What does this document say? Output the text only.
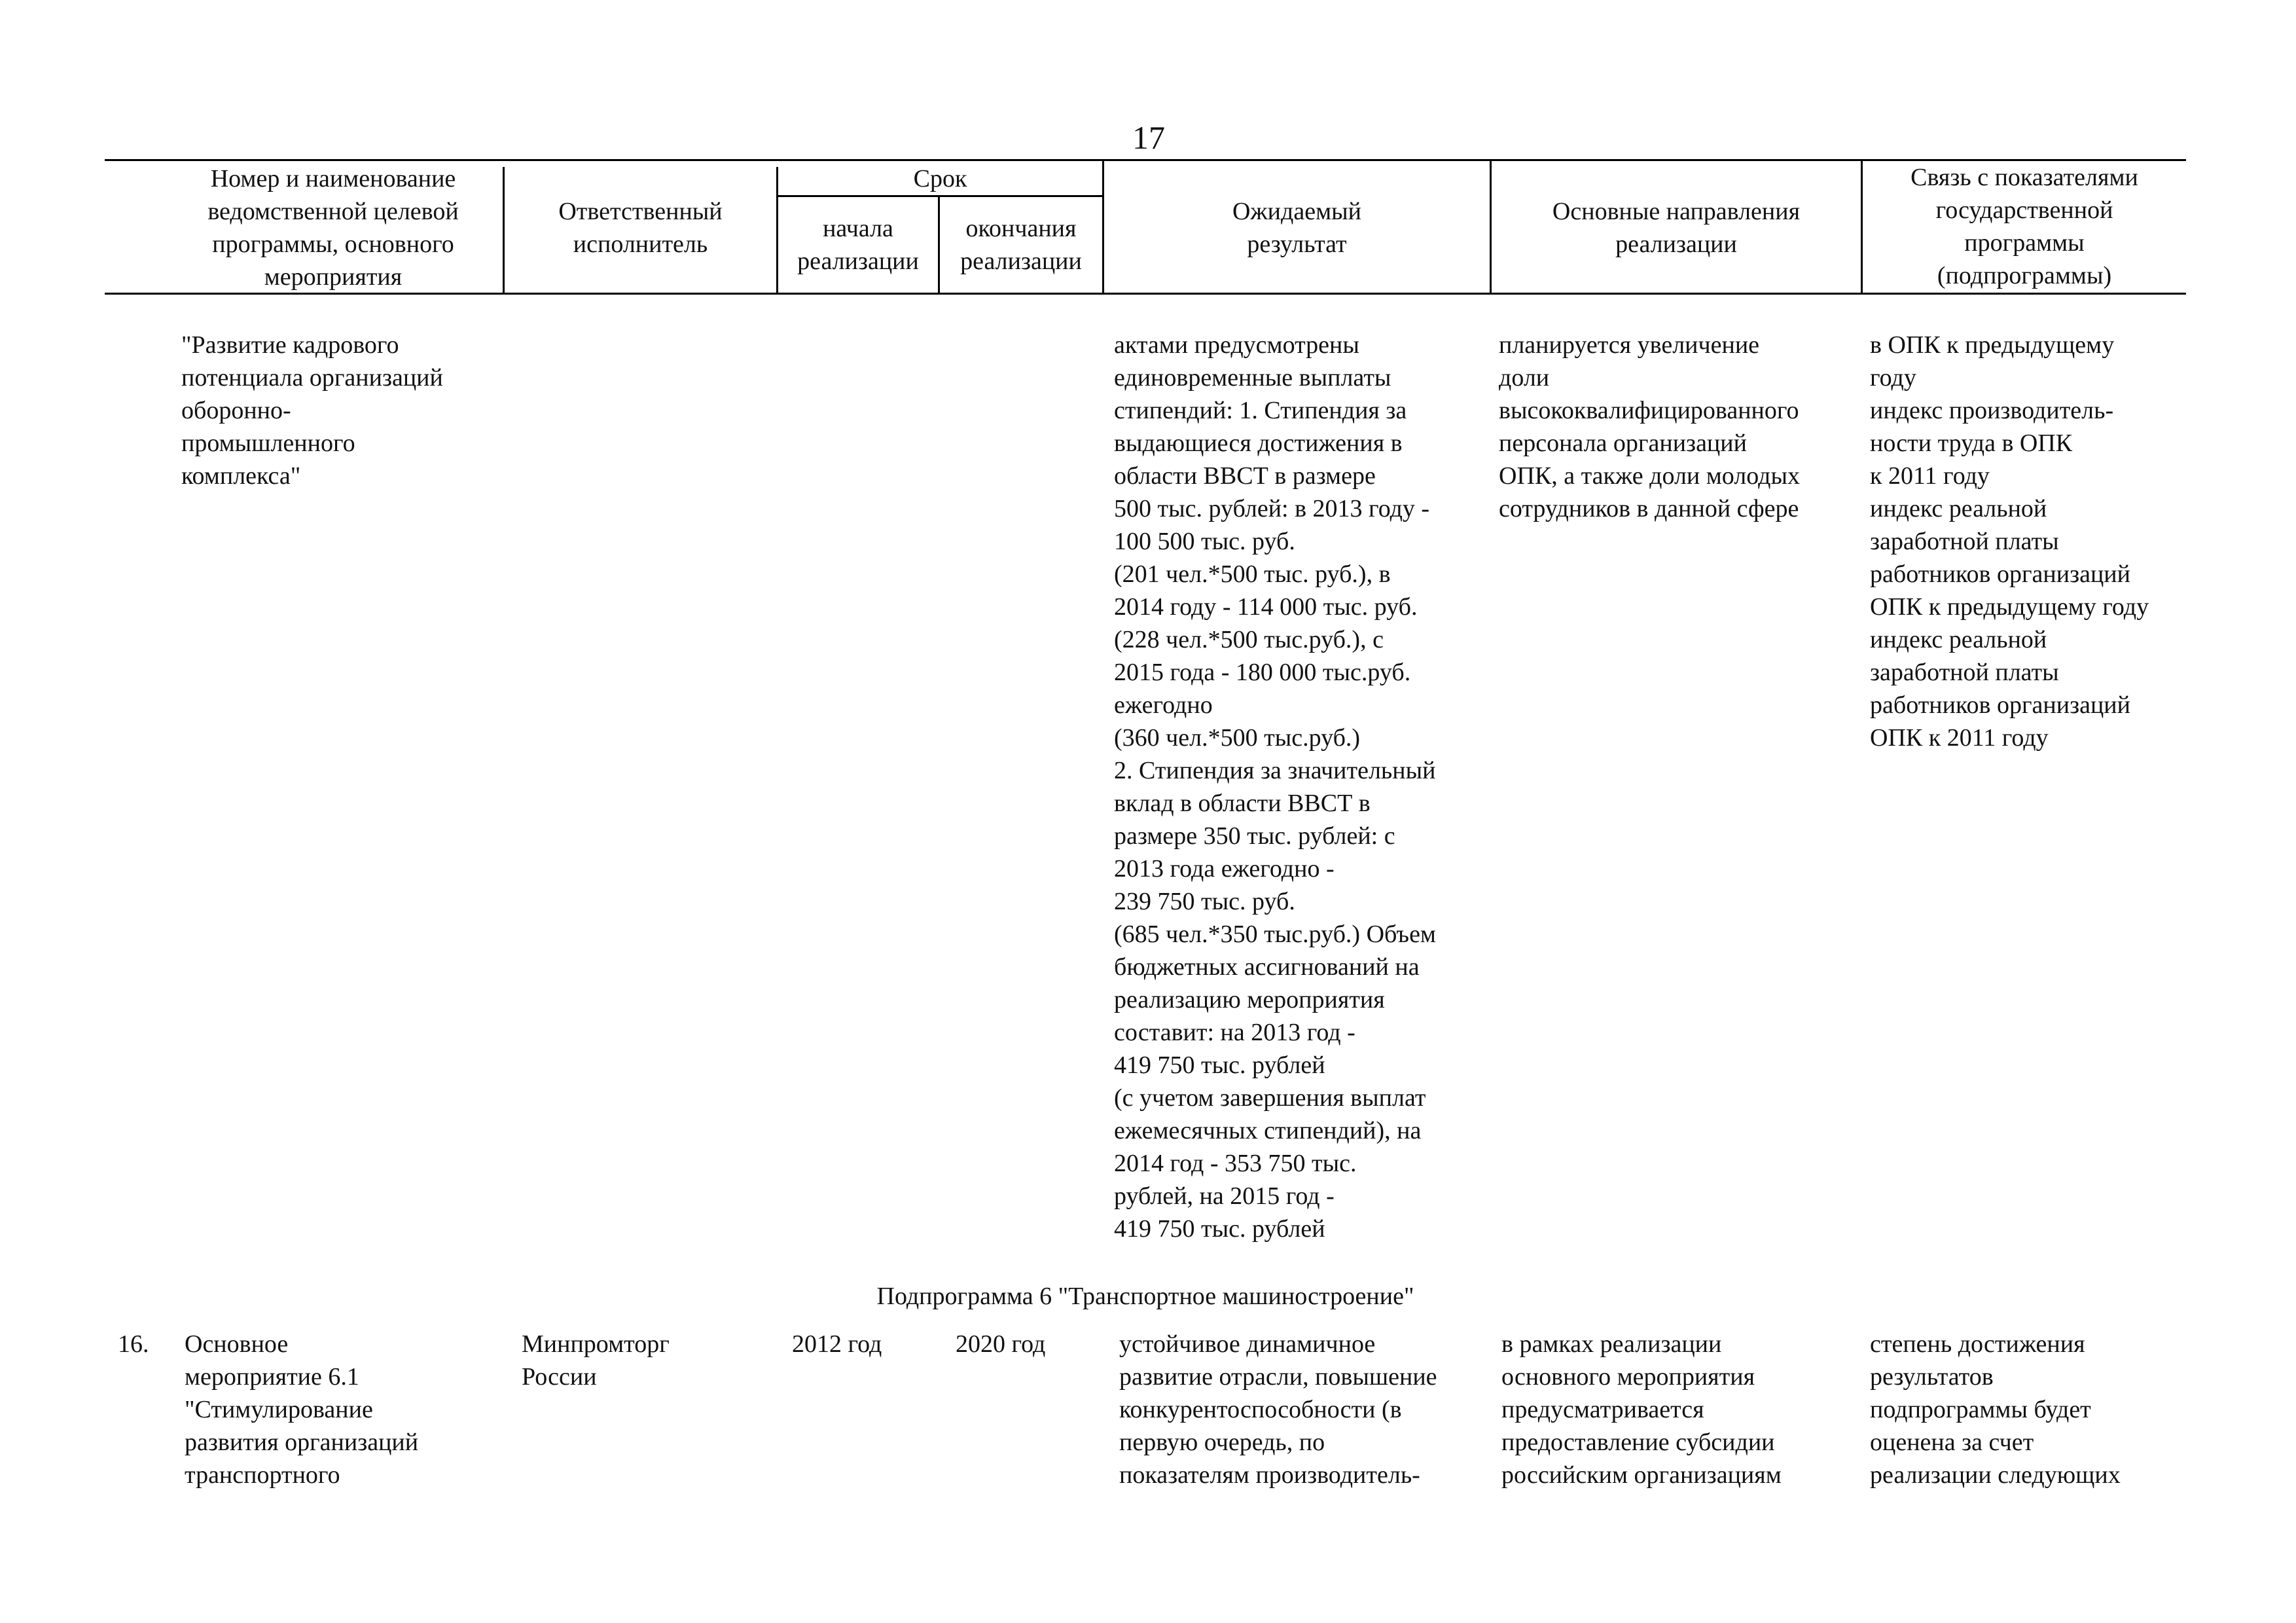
17
Номер и наименование
ведомственной целевой
программы, основного
мероприятия
Ответственный
исполнитель
Срок
начала
реализации
окончания
реализации
Ожидаемый
результат
Основные направления
реализации
Связь с показателями
государственной
программы
(подпрограммы)
"Развитие кадрового
потенциала организаций
оборонно-
промышленного
комплекса"
актами предусмотрены
единовременные выплаты
стипендий: 1. Стипендия за
выдающиеся достижения в
области ВВСТ в размере
500 тыс. рублей: в 2013 году -
100 500 тыс. руб.
(201 чел.*500 тыс. руб.), в
2014 году - 114 000 тыс. руб.
(228 чел.*500 тыс.руб.), с
2015 года - 180 000 тыс.руб.
ежегодно
(360 чел.*500 тыс.руб.)
2. Стипендия за значительный
вклад в области ВВСТ в
размере 350 тыс. рублей: с
2013 года ежегодно -
239 750 тыс. руб.
(685 чел.*350 тыс.руб.) Объем
бюджетных ассигнований на
реализацию мероприятия
составит: на 2013 год -
419 750 тыс. рублей
(с учетом завершения выплат
ежемесячных стипендий), на
2014 год - 353 750 тыс.
рублей, на 2015 год -
419 750 тыс. рублей
планируется увеличение
доли
высококвалифицированного
персонала организаций
ОПК, а также доли молодых
сотрудников в данной сфере
в ОПК к предыдущему
году
индекс производитель-
ности труда в ОПК
к 2011 году
индекс реальной
заработной платы
работников организаций
ОПК к предыдущему году
индекс реальной
заработной платы
работников организаций
ОПК к 2011 году
Подпрограмма 6 "Транспортное машиностроение"
16. Основное
мероприятие 6.1
"Стимулирование
развития организаций
транспортного
Минпромторг
России
2012 год	2020 год	устойчивое динамичное
развитие отрасли, повышение
конкурентоспособности (в
первую очередь, по
показателям производитель-
в рамках реализации
основного мероприятия
предусматривается
предоставление субсидии
российским организациям
степень достижения
результатов
подпрограммы будет
оценена за счет
реализации следующих
